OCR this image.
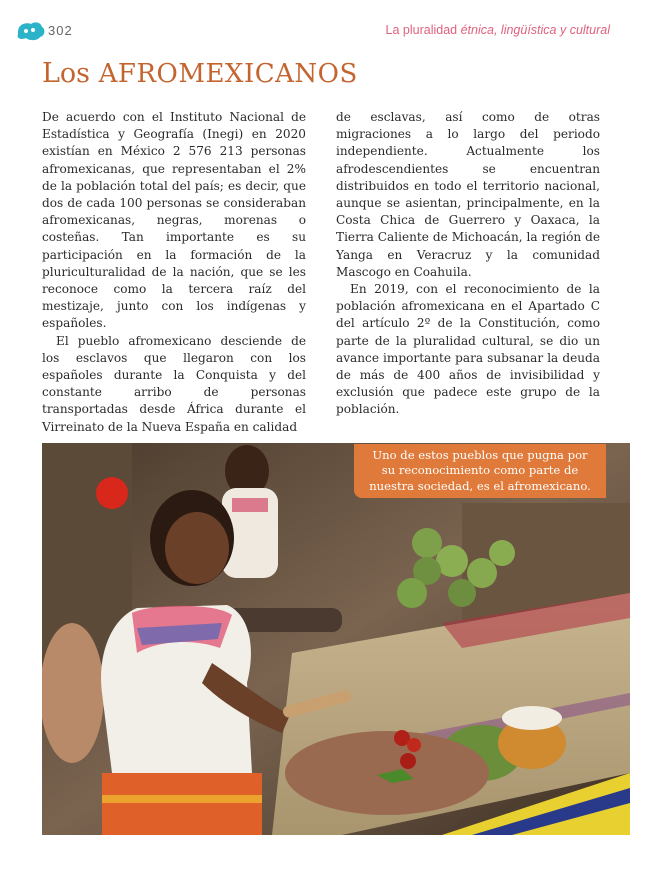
302	La pluralidad étnica, lingüística y cultural
Los AFROMEXICANOS

De acuerdo con el Instituto Nacional de Estadística y Geografía (Inegi) en 2020 existían en México 2 576 213 personas afromexicanas, que representaban el 2% de la población total del país; es decir, que dos de cada 100 personas se consideraban afromexicanas, negras, morenas o costeñas. Tan importante es su participación en la formación de la pluriculturalidad de la nación, que se les reconoce como la tercera raíz del mestizaje, junto con los indígenas y españoles.

El pueblo afromexicano desciende de los esclavos que llegaron con los españoles durante la Conquista y del constante arribo de personas transportadas desde África durante el Virreinato de la Nueva España en calidad

de esclavas, así como de otras migraciones a lo largo del periodo independiente. Actualmente los afrodescendientes se encuentran distribuidos en todo el territorio nacional, aunque se asientan, principalmente, en la Costa Chica de Guerrero y Oaxaca, la Tierra Caliente de Michoacán, la región de Yanga en Veracruz y la comunidad Mascogo en Coahuila.

En 2019, con el reconocimiento de la población afromexicana en el Apartado C del artículo 2º de la Constitución, como parte de la pluralidad cultural, se dio un avance importante para subsanar la deuda de más de 400 años de invisibilidad y exclusión que padece este grupo de la población.

Uno de estos pueblos que pugna por su reconocimiento como parte de nuestra sociedad, es el afromexicano.
